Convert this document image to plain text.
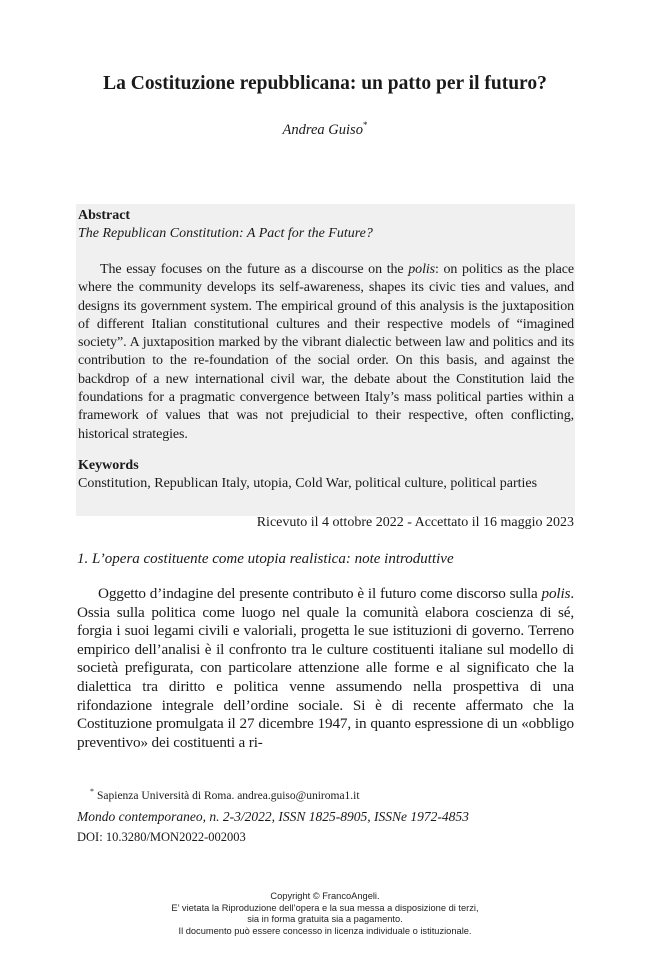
La Costituzione repubblicana: un patto per il futuro?
Andrea Guiso*
Abstract
The Republican Constitution: A Pact for the Future?
The essay focuses on the future as a discourse on the polis: on politics as the place where the community develops its self-awareness, shapes its civic ties and values, and designs its government system. The empirical ground of this analysis is the juxtaposition of different Italian constitutional cultures and their respective models of “imagined society”. A juxtaposition marked by the vibrant dialectic between law and politics and its contribution to the re-foundation of the social order. On this basis, and against the backdrop of a new international civil war, the debate about the Constitution laid the foundations for a pragmatic convergence between Italy’s mass political parties within a framework of values that was not prejudicial to their respective, often conflicting, historical strategies.
Keywords
Constitution, Republican Italy, utopia, Cold War, political culture, political parties
Ricevuto il 4 ottobre 2022 - Accettato il 16 maggio 2023
1. L’opera costituente come utopia realistica: note introduttive
Oggetto d’indagine del presente contributo è il futuro come discorso sulla polis. Ossia sulla politica come luogo nel quale la comunità elabora coscienza di sé, forgia i suoi legami civili e valoriali, progetta le sue istituzioni di governo. Terreno empirico dell’analisi è il confronto tra le culture costituenti italiane sul modello di società prefigurata, con particolare attenzione alle forme e al significato che la dialettica tra diritto e politica venne assumendo nella prospettiva di una rifondazione integrale dell’ordine sociale. Si è di recente affermato che la Costituzione promulgata il 27 dicembre 1947, in quanto espressione di un «obbligo preventivo» dei costituenti a ri-
* Sapienza Università di Roma. andrea.guiso@uniroma1.it
Mondo contemporaneo, n. 2-3/2022, ISSN 1825-8905, ISSNe 1972-4853
DOI: 10.3280/MON2022-002003
Copyright © FrancoAngeli.
E’ vietata la Riproduzione dell’opera e la sua messa a disposizione di terzi,
sia in forma gratuita sia a pagamento.
Il documento può essere concesso in licenza individuale o istituzionale.
